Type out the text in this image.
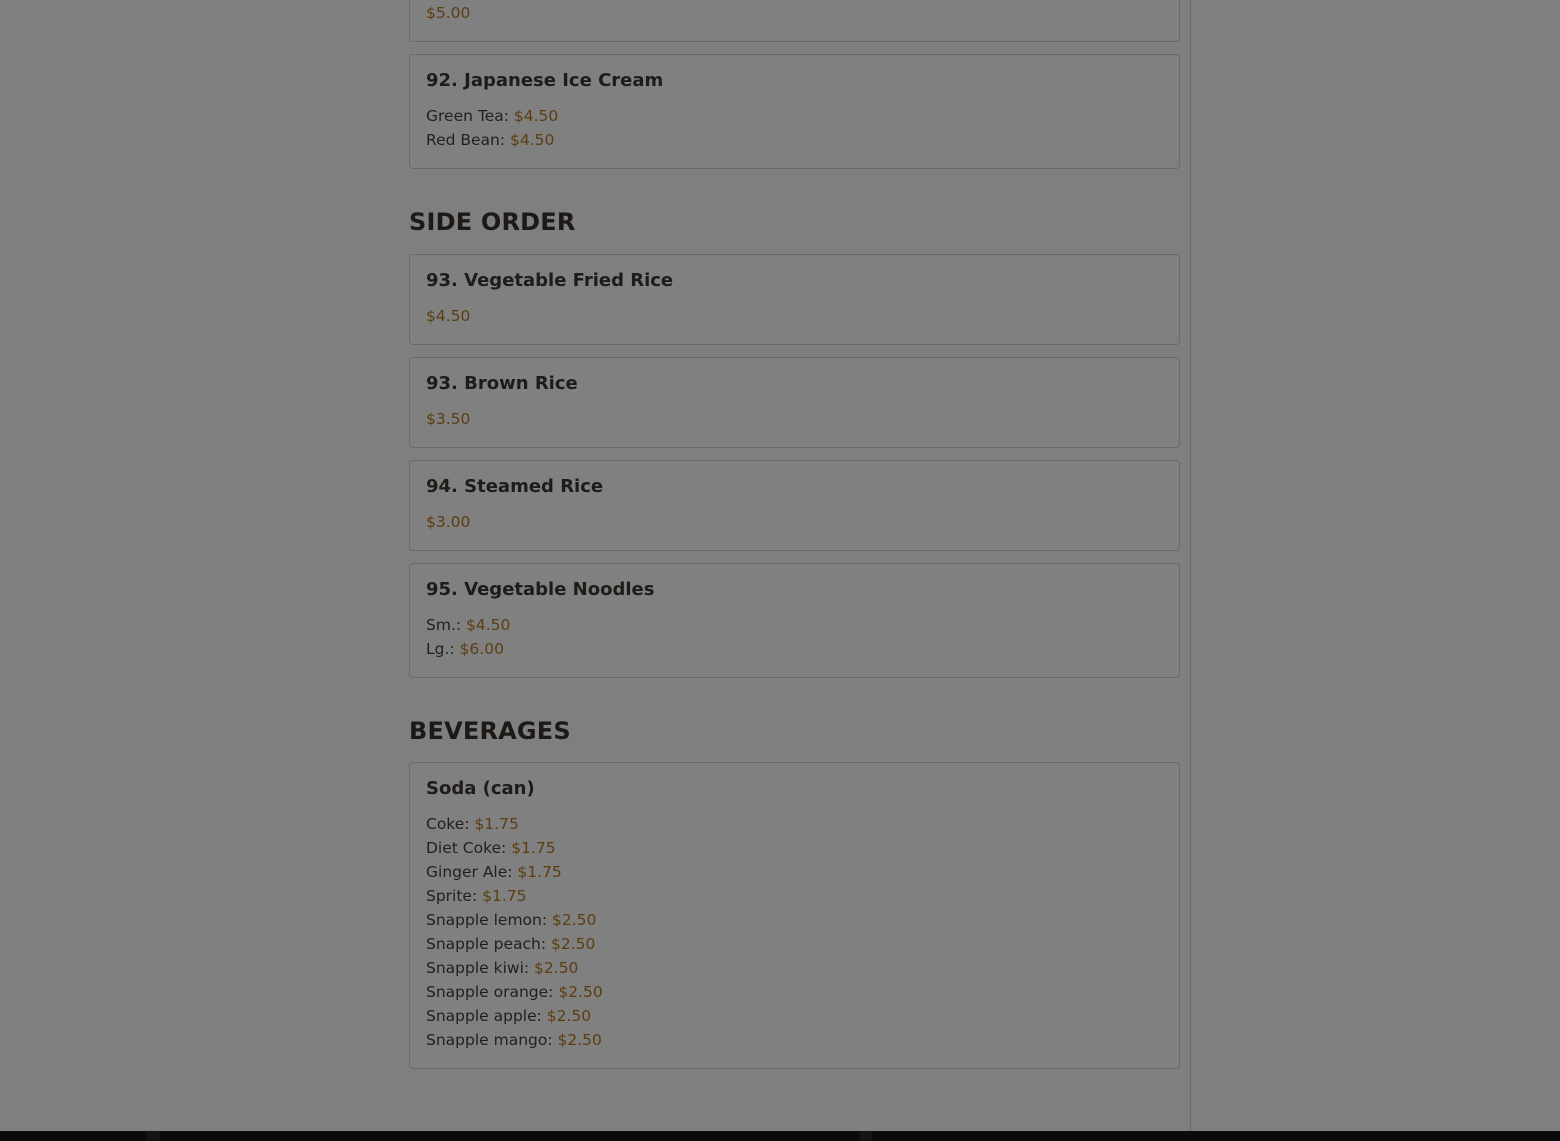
$5.00
92. Japanese Ice Cream
Green Tea: $4.50
Red Bean: $4.50
SIDE ORDER
93. Vegetable Fried Rice
$4.50
93. Brown Rice
$3.50
94. Steamed Rice
$3.00
95. Vegetable Noodles
Sm.: $4.50
Lg.: $6.00
BEVERAGES
Soda (can)
Coke: $1.75
Diet Coke: $1.75
Ginger Ale: $1.75
Sprite: $1.75
Snapple lemon: $2.50
Snapple peach: $2.50
Snapple kiwi: $2.50
Snapple orange: $2.50
Snapple apple: $2.50
Snapple mango: $2.50
